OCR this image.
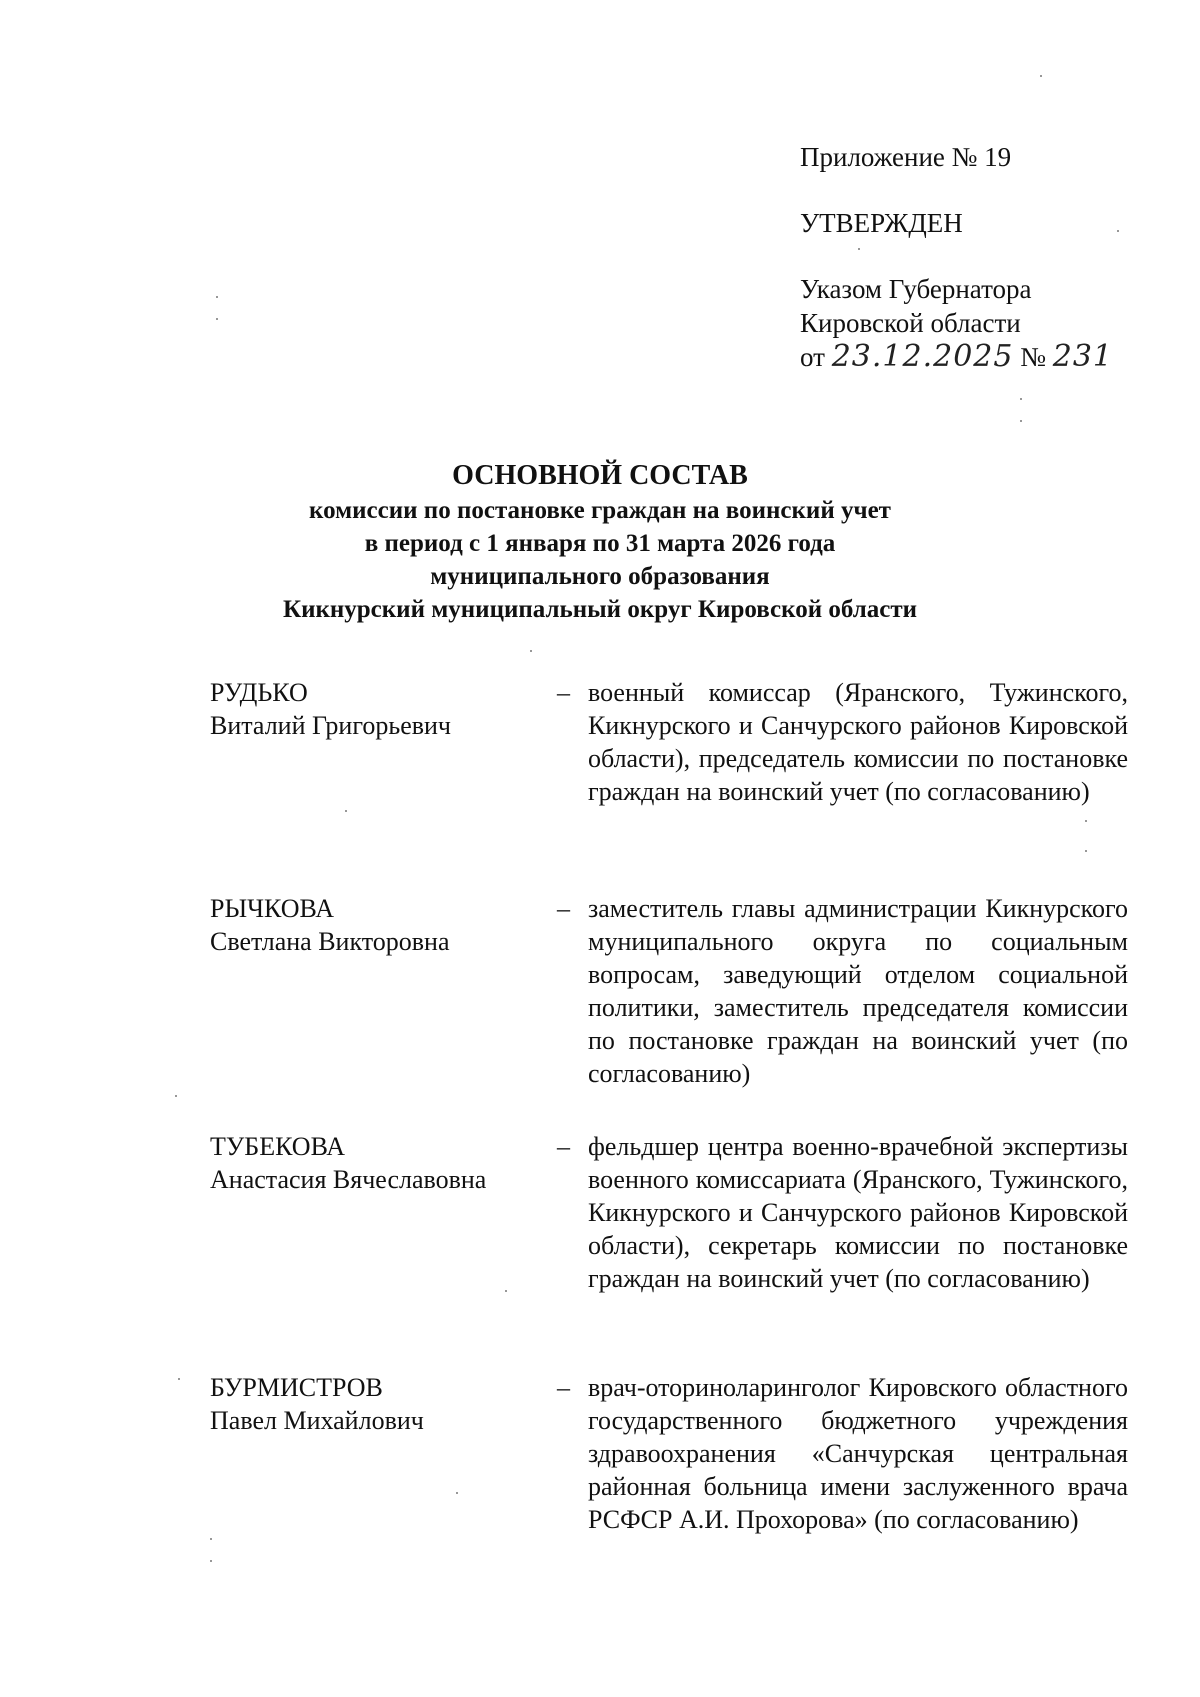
Приложение № 19
УТВЕРЖДЕН
Указом Губернатора
Кировской области
от 23.12.2025 № 231
ОСНОВНОЙ СОСТАВ
комиссии по постановке граждан на воинский учет
в период с 1 января по 31 марта 2026 года
муниципального образования
Кикнурский муниципальный округ Кировской области
РУДЬКО
Виталий Григорьевич
– военный комиссар (Яранского, Тужинского, Кикнурского и Санчурского районов Кировской области), председатель комиссии по постановке граждан на воинский учет (по согласованию)
РЫЧКОВА
Светлана Викторовна
– заместитель главы администрации Кикнурского муниципального округа по социальным вопросам, заведующий отделом социальной политики, заместитель председателя комиссии по постановке граждан на воинский учет (по согласованию)
ТУБЕКОВА
Анастасия Вячеславовна
– фельдшер центра военно-врачебной экспертизы военного комиссариата (Яранского, Тужинского, Кикнурского и Санчурского районов Кировской области), секретарь комиссии по постановке граждан на воинский учет (по согласованию)
БУРМИСТРОВ
Павел Михайлович
– врач-оториноларинголог Кировского областного государственного бюджетного учреждения здравоохранения «Санчурская центральная районная больница имени заслуженного врача РСФСР А.И. Прохорова» (по согласованию)
